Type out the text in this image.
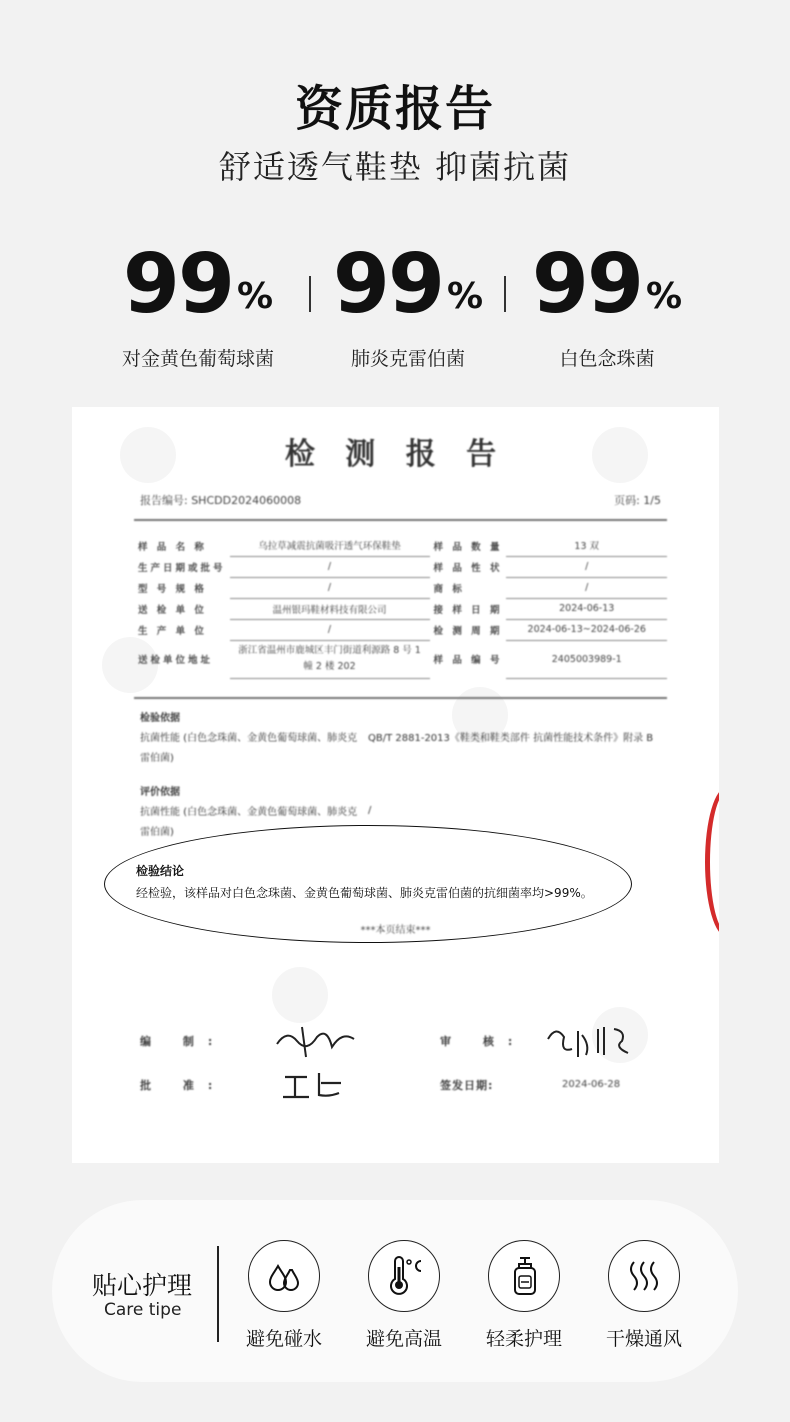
资质报告
舒适透气鞋垫 抑菌抗菌
99 %
对金黄色葡萄球菌
99 %
肺炎克雷伯菌
99 %
白色念珠菌
检 测 报 告
报告编号: SHCDD2024060008	页码: 1/5
样 品 名 称	乌拉草减震抗菌吸汗透气环保鞋垫	样 品 数 量	13 双
生产日期或批号	/	样 品 性 状	/
型 号 规 格	/	商 标	/
送 检 单 位	温州银玛鞋材料技有限公司	接 样 日 期	2024-06-13
生 产 单 位	/	检 测 周 期	2024-06-13~2024-06-26
送检单位地址	浙江省温州市鹿城区丰门街道利源路 8 号 1 幢 2 楼 202	样 品 编 号	2405003989-1
检验依据
抗菌性能 (白色念珠菌、金黄色葡萄球菌、肺炎克雷伯菌)
QB/T 2881-2013《鞋类和鞋类部件 抗菌性能技术条件》附录 B
评价依据
抗菌性能 (白色念珠菌、金黄色葡萄球菌、肺炎克雷伯菌)
/
***本页结束***
编 制:	审 核:
批 准:	签发日期:	2024-06-28
检验结论
经检验，该样品对白色念珠菌、金黄色葡萄球菌、肺炎克雷伯菌的抗细菌率均>99%。
贴心护理
Care tipe
避免碰水	避免高温	轻柔护理	干燥通风
